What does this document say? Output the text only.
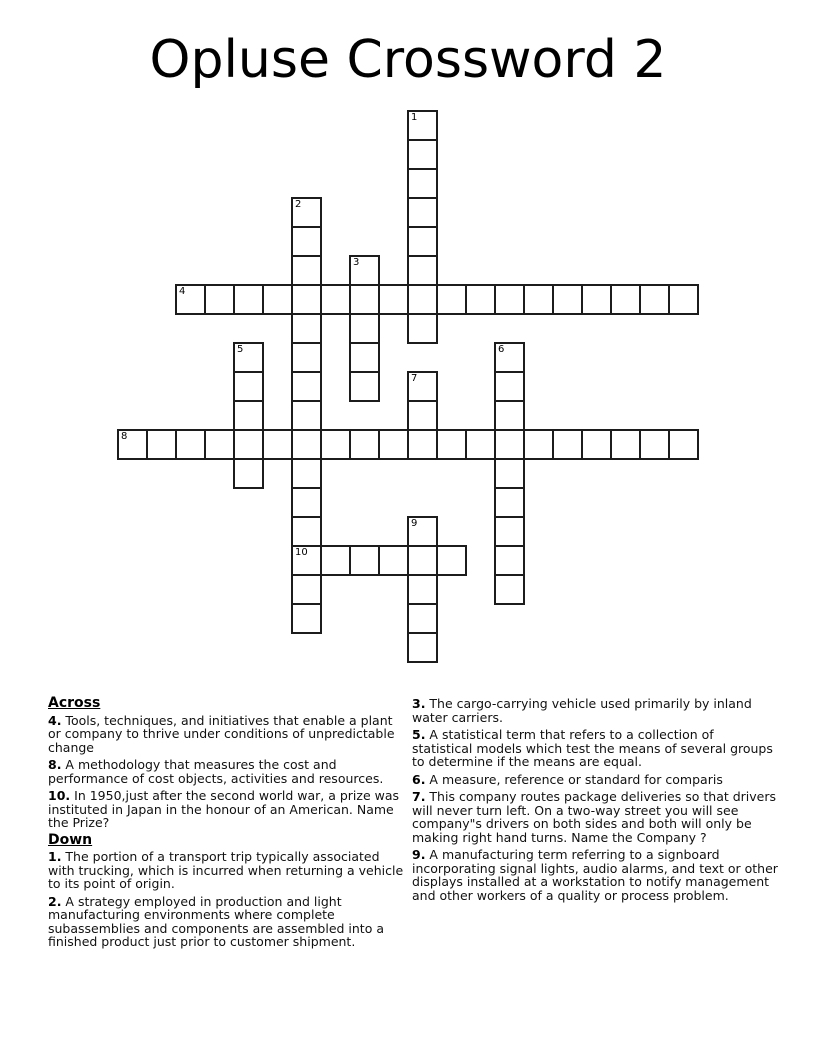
Opluse Crossword 2
1
2
3
4
5	6
7
8
9
10
Across

4. Tools, techniques, and initiatives that enable a plant or company to thrive under conditions of unpredictable change

8. A methodology that measures the cost and performance of cost objects, activities and resources.

10. In 1950,just after the second world war, a prize was instituted in Japan in the honour of an American. Name the Prize?

Down

1. The portion of a transport trip typically associated with trucking, which is incurred when returning a vehicle to its point of origin.

2. A strategy employed in production and light manufacturing environments where complete subassemblies and components are assembled into a finished product just prior to customer shipment.

3. The cargo-carrying vehicle used primarily by inland water carriers.

5. A statistical term that refers to a collection of statistical models which test the means of several groups to determine if the means are equal.

6. A measure, reference or standard for comparis

7. This company routes package deliveries so that drivers will never turn left. On a two-way street you will see company"s drivers on both sides and both will only be making right hand turns. Name the Company ?

9. A manufacturing term referring to a signboard incorporating signal lights, audio alarms, and text or other displays installed at a workstation to notify management and other workers of a quality or process problem.
